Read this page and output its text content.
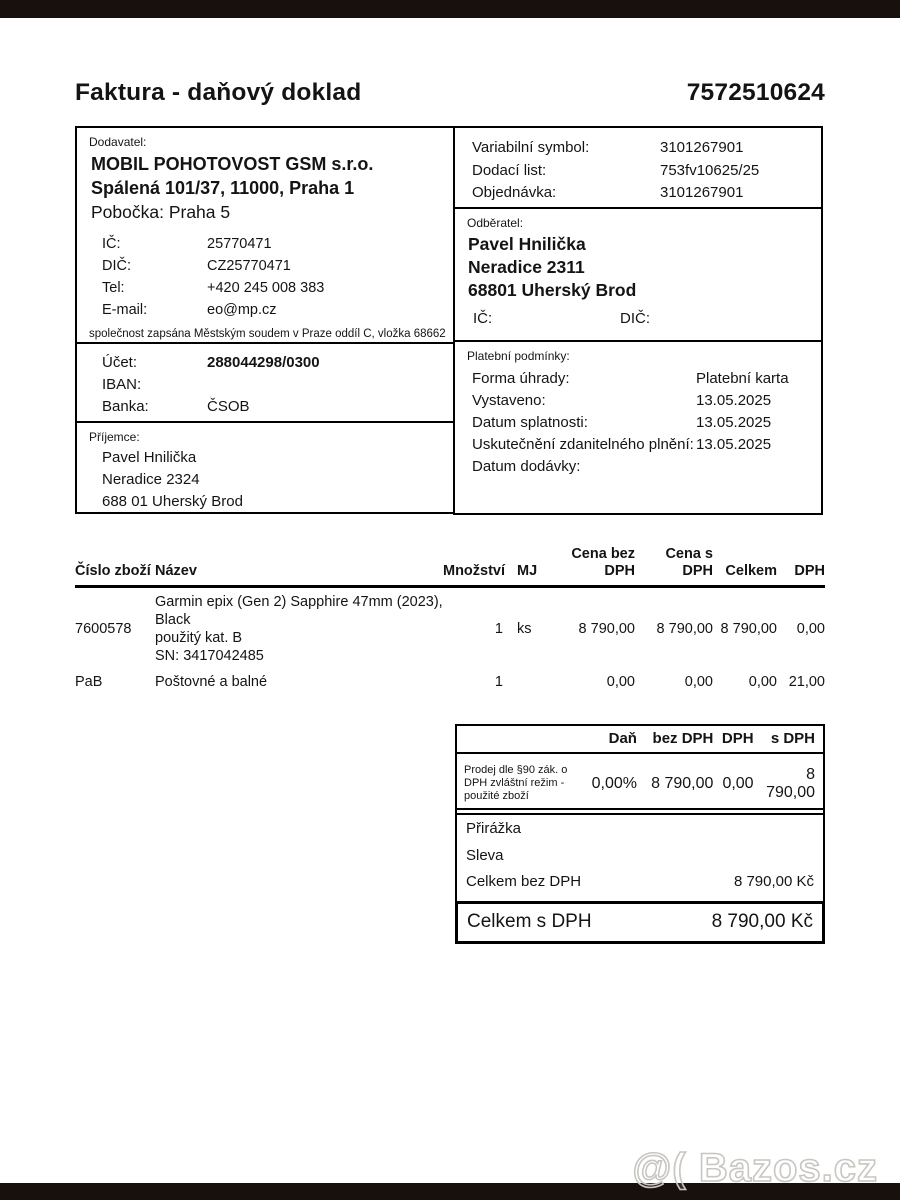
Faktura - daňový doklad	7572510624
Dodavatel:
MOBIL POHOTOVOST GSM s.r.o.
Spálená 101/37, 11000, Praha 1
Pobočka: Praha 5
IČ:	25770471
DIČ:	CZ25770471
Tel:	+420 245 008 383
E-mail:	eo@mp.cz
společnost zapsána Městským soudem v Praze oddíl C, vložka 68662
Účet:	288044298/0300
IBAN:
Banka:	ČSOB
Příjemce:
Pavel Hnilička
Neradice 2324
688 01 Uherský Brod
Variabilní symbol:	3101267901
Dodací list:	753fv10625/25
Objednávka:	3101267901
Odběratel:
Pavel Hnilička
Neradice 2311
68801 Uherský Brod
IČ:	DIČ:
Platební podmínky:
Forma úhrady:	Platební karta
Vystaveno:	13.05.2025
Datum splatnosti:	13.05.2025
Uskutečnění zdanitelného plnění: 13.05.2025
Datum dodávky:
Číslo zboží	Název	Množství	MJ	Cena bez DPH	Cena s DPH	Celkem	DPH
7600578	Garmin epix (Gen 2) Sapphire 47mm (2023), Black
použitý kat. B
SN: 3417042485	1	ks	8 790,00	8 790,00	8 790,00	0,00
PaB	Poštovné a balné	1		0,00	0,00	0,00	21,00
	Daň	bez DPH	DPH	s DPH
Prodej dle §90 zák. o DPH zvláštní režim - použité zboží	0,00%	8 790,00	0,00	8 790,00
Přirážka
Sleva
Celkem bez DPH	8 790,00 Kč
Celkem s DPH	8 790,00 Kč
@( Bazos.cz
